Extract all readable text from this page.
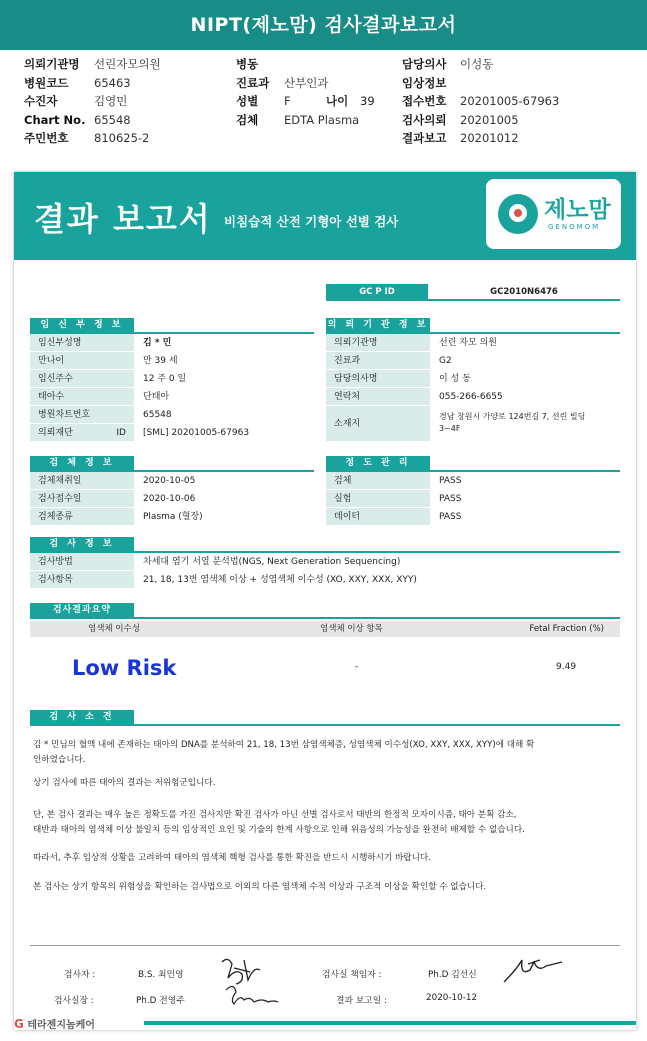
NIPT(제노맘) 검사결과보고서
의뢰기관명	선린자모의원
병원코드	65463
수진자	김영민
Chart No. 65548
주민번호	810625-2
병동
진료과	산부인과
성별	F	나이 39
검체	EDTA Plasma
담당의사	이성동
임상정보
접수번호	20201005-67963
검사의뢰	20201005
결과보고	20201012
결과 보고서 비침습적 산전 기형아 선별 검사	제노맘
GENOMOM
GC P ID	GC2010N6476
임 신 부 정 보
임신부성명	김 * 민
만나이	만 39 세
임신주수	12 주 0 일
태아수	단태아
병원차트번호	65548
의뢰재단 ID	[SML] 20201005-67963
의 뢰 기 관 정 보
의뢰기관명	선린 자모 의원
진료과	G2
담당의사명	이 성 동
연락처	055-266-6655
소재지
경남 창원시 가양로 124번길 7, 선린 빌딩
3~4F
검 체 정 보
검체채취일	2020-10-05
검사접수일	2020-10-06
검체종류	Plasma (혈장)
정 도 관 리
검체	PASS
실험	PASS
데이터	PASS
검 사 정 보
검사방법	차세대 염기 서열 분석법(NGS, Next Generation Sequencing)
검사항목	21, 18, 13번 염색체 이상 + 성염색체 이수성 (XO, XXY, XXX, XYY)
검사결과요약
염색체 이수성	염색체 이상 항목	Fetal Fraction (%)
Low Risk	-	9.49
검 사 소 견
김 * 민님의 혈액 내에 존재하는 태아의 DNA를 분석하여 21, 18, 13번 삼염색체증, 성염색체 이수성(XO, XXY, XXX, XYY)에 대해 확
인하였습니다.
상기 검사에 따른 태아의 결과는 저위험군입니다.
단, 본 검사 결과는 매우 높은 정확도를 가진 검사지만 확진 검사가 아닌 선별 검사로서 태반의 한정적 모자이시즘, 태아 분획 감소,
태반과 태아의 염색체 이상 불일치 등의 임상적인 요인 및 기술의 한계 사항으로 인해 위음성의 가능성을 완전히 배제할 수 없습니다.
따라서, 추후 임상적 상황을 고려하여 태아의 염색체 핵형 검사를 통한 확진을 반드시 시행하시기 바랍니다.
본 검사는 상기 항목의 위험성을 확인하는 검사법으로 이외의 다른 염색체 수적 이상과 구조적 이상을 확인할 수 없습니다.
검사자 :	B.S. 최민영	검사실 책임자 :	Ph.D 김선신
검사실장 :	Ph.D 전영주	결과 보고일 :	2020-10-12
G 테라젠지놈케어
